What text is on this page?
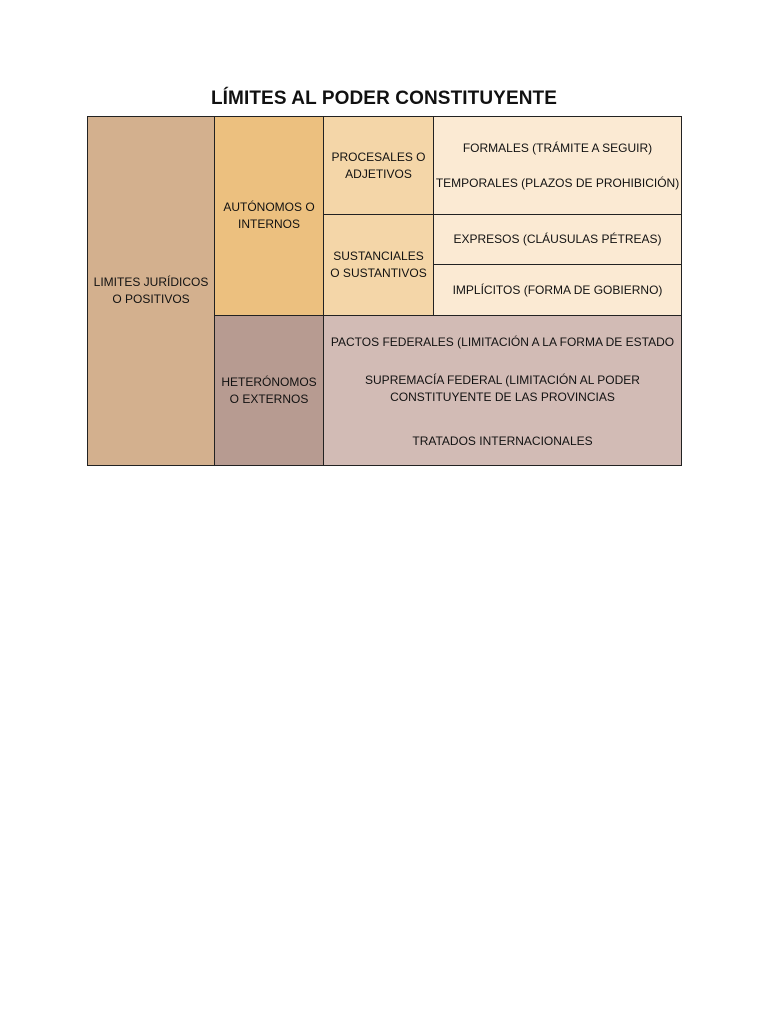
LÍMITES AL PODER CONSTITUYENTE
LIMITES JURÍDICOS O POSITIVOS
AUTÓNOMOS O INTERNOS
HETERÓNOMOS O EXTERNOS
PROCESALES O ADJETIVOS
SUSTANCIALES O SUSTANTIVOS
FORMALES (TRÁMITE A SEGUIR)
TEMPORALES (PLAZOS DE PROHIBICIÓN)
EXPRESOS (CLÁUSULAS PÉTREAS)
IMPLÍCITOS (FORMA DE GOBIERNO)
PACTOS FEDERALES (LIMITACIÓN A LA FORMA DE ESTADO
SUPREMACÍA FEDERAL (LIMITACIÓN AL PODER CONSTITUYENTE DE LAS PROVINCIAS
TRATADOS INTERNACIONALES
